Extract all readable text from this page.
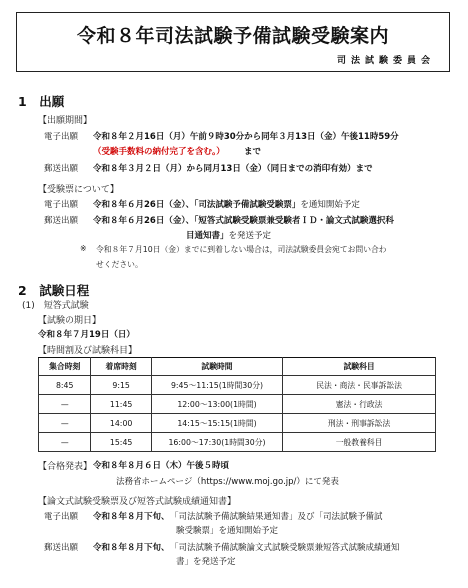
令和８年司法試験予備試験受験案内
司法試験委員会
1　出願
【出願期間】
電子出願 令和８年２月16日（月）午前９時30分から同年３月13日（金）午後11時59分
（受験手数料の納付完了を含む。） まで
郵送出願 令和８年３月２日（月）から同月13日（金）（同日までの消印有効）まで
【受験票について】
電子出願 令和８年６月26日（金）、「司法試験予備試験受験票」を通知開始予定
郵送出願 令和８年６月26日（金）、「短答式試験受験票兼受験者ＩＤ・論文式試験選択科
目通知書」を発送予定
※ 令和８年７月10日（金）までに到着しない場合は，司法試験委員会宛てお問い合わ
せください。
2　試験日程
(1)　短答式試験
【試験の期日】
令和８年７月19日（日）
【時間割及び試験科目】
集合時刻	着席時刻	試験時間	試験科目
8:45	9:15	9:45～11:15(1時間30分)	民法・商法・民事訴訟法
—	11:45	12:00～13:00(1時間)	憲法・行政法
—	14:00	14:15～15:15(1時間)	刑法・刑事訴訟法
—	15:45	16:00～17:30(1時間30分)	一般教養科目
【合格発表】 令和８年８月６日（木）午後５時頃
法務省ホームページ（https://www.moj.go.jp/）にて発表
【論文式試験受験票及び短答式試験成績通知書】
電子出願 令和８年８月下旬、 「司法試験予備試験結果通知書」及び「司法試験予備試
験受験票」を通知開始予定
郵送出願 令和８年８月下旬、 「司法試験予備試験論文式試験受験票兼短答式試験成績通知
書」を発送予定
